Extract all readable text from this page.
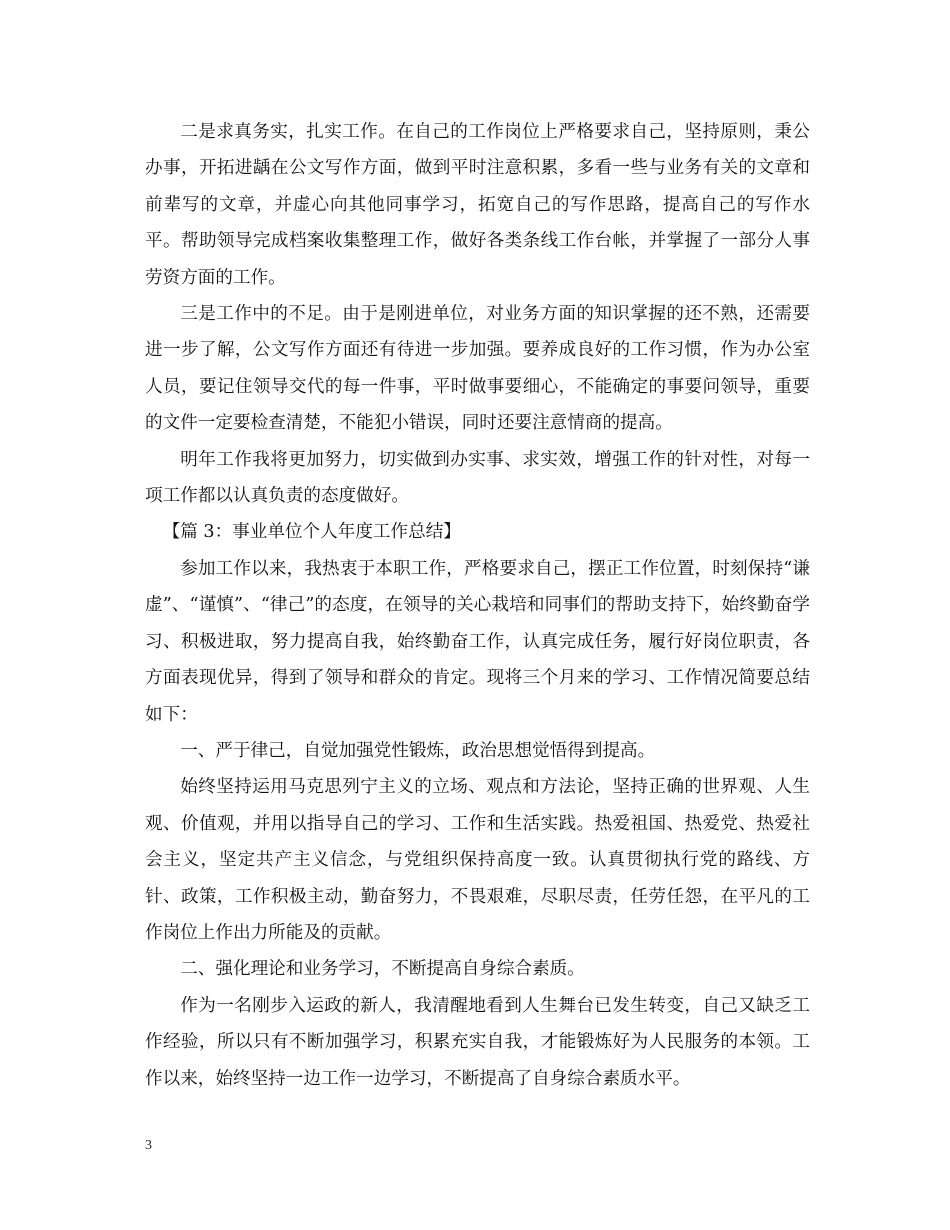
二是求真务实，扎实工作。在自己的工作岗位上严格要求自己，坚持原则，秉公办事，开拓进龋在公文写作方面，做到平时注意积累，多看一些与业务有关的文章和前辈写的文章，并虚心向其他同事学习，拓宽自己的写作思路，提高自己的写作水平。帮助领导完成档案收集整理工作，做好各类条线工作台帐，并掌握了一部分人事劳资方面的工作。

三是工作中的不足。由于是刚进单位，对业务方面的知识掌握的还不熟，还需要进一步了解，公文写作方面还有待进一步加强。要养成良好的工作习惯，作为办公室人员，要记住领导交代的每一件事，平时做事要细心，不能确定的事要问领导，重要的文件一定要检查清楚，不能犯小错误，同时还要注意情商的提高。

明年工作我将更加努力，切实做到办实事、求实效，增强工作的针对性，对每一项工作都以认真负责的态度做好。

【篇 3：事业单位个人年度工作总结】

参加工作以来，我热衷于本职工作，严格要求自己，摆正工作位置，时刻保持“谦虚”、“谨慎”、“律己”的态度，在领导的关心栽培和同事们的帮助支持下，始终勤奋学习、积极进取，努力提高自我，始终勤奋工作，认真完成任务，履行好岗位职责，各方面表现优异，得到了领导和群众的肯定。现将三个月来的学习、工作情况简要总结如下：

一、严于律己，自觉加强党性锻炼，政治思想觉悟得到提高。

始终坚持运用马克思列宁主义的立场、观点和方法论，坚持正确的世界观、人生观、价值观，并用以指导自己的学习、工作和生活实践。热爱祖国、热爱党、热爱社会主义，坚定共产主义信念，与党组织保持高度一致。认真贯彻执行党的路线、方针、政策，工作积极主动，勤奋努力，不畏艰难，尽职尽责，任劳任怨，在平凡的工作岗位上作出力所能及的贡献。

二、强化理论和业务学习，不断提高自身综合素质。

作为一名刚步入运政的新人，我清醒地看到人生舞台已发生转变，自己又缺乏工作经验，所以只有不断加强学习，积累充实自我，才能锻炼好为人民服务的本领。工作以来，始终坚持一边工作一边学习，不断提高了自身综合素质水平。

3
